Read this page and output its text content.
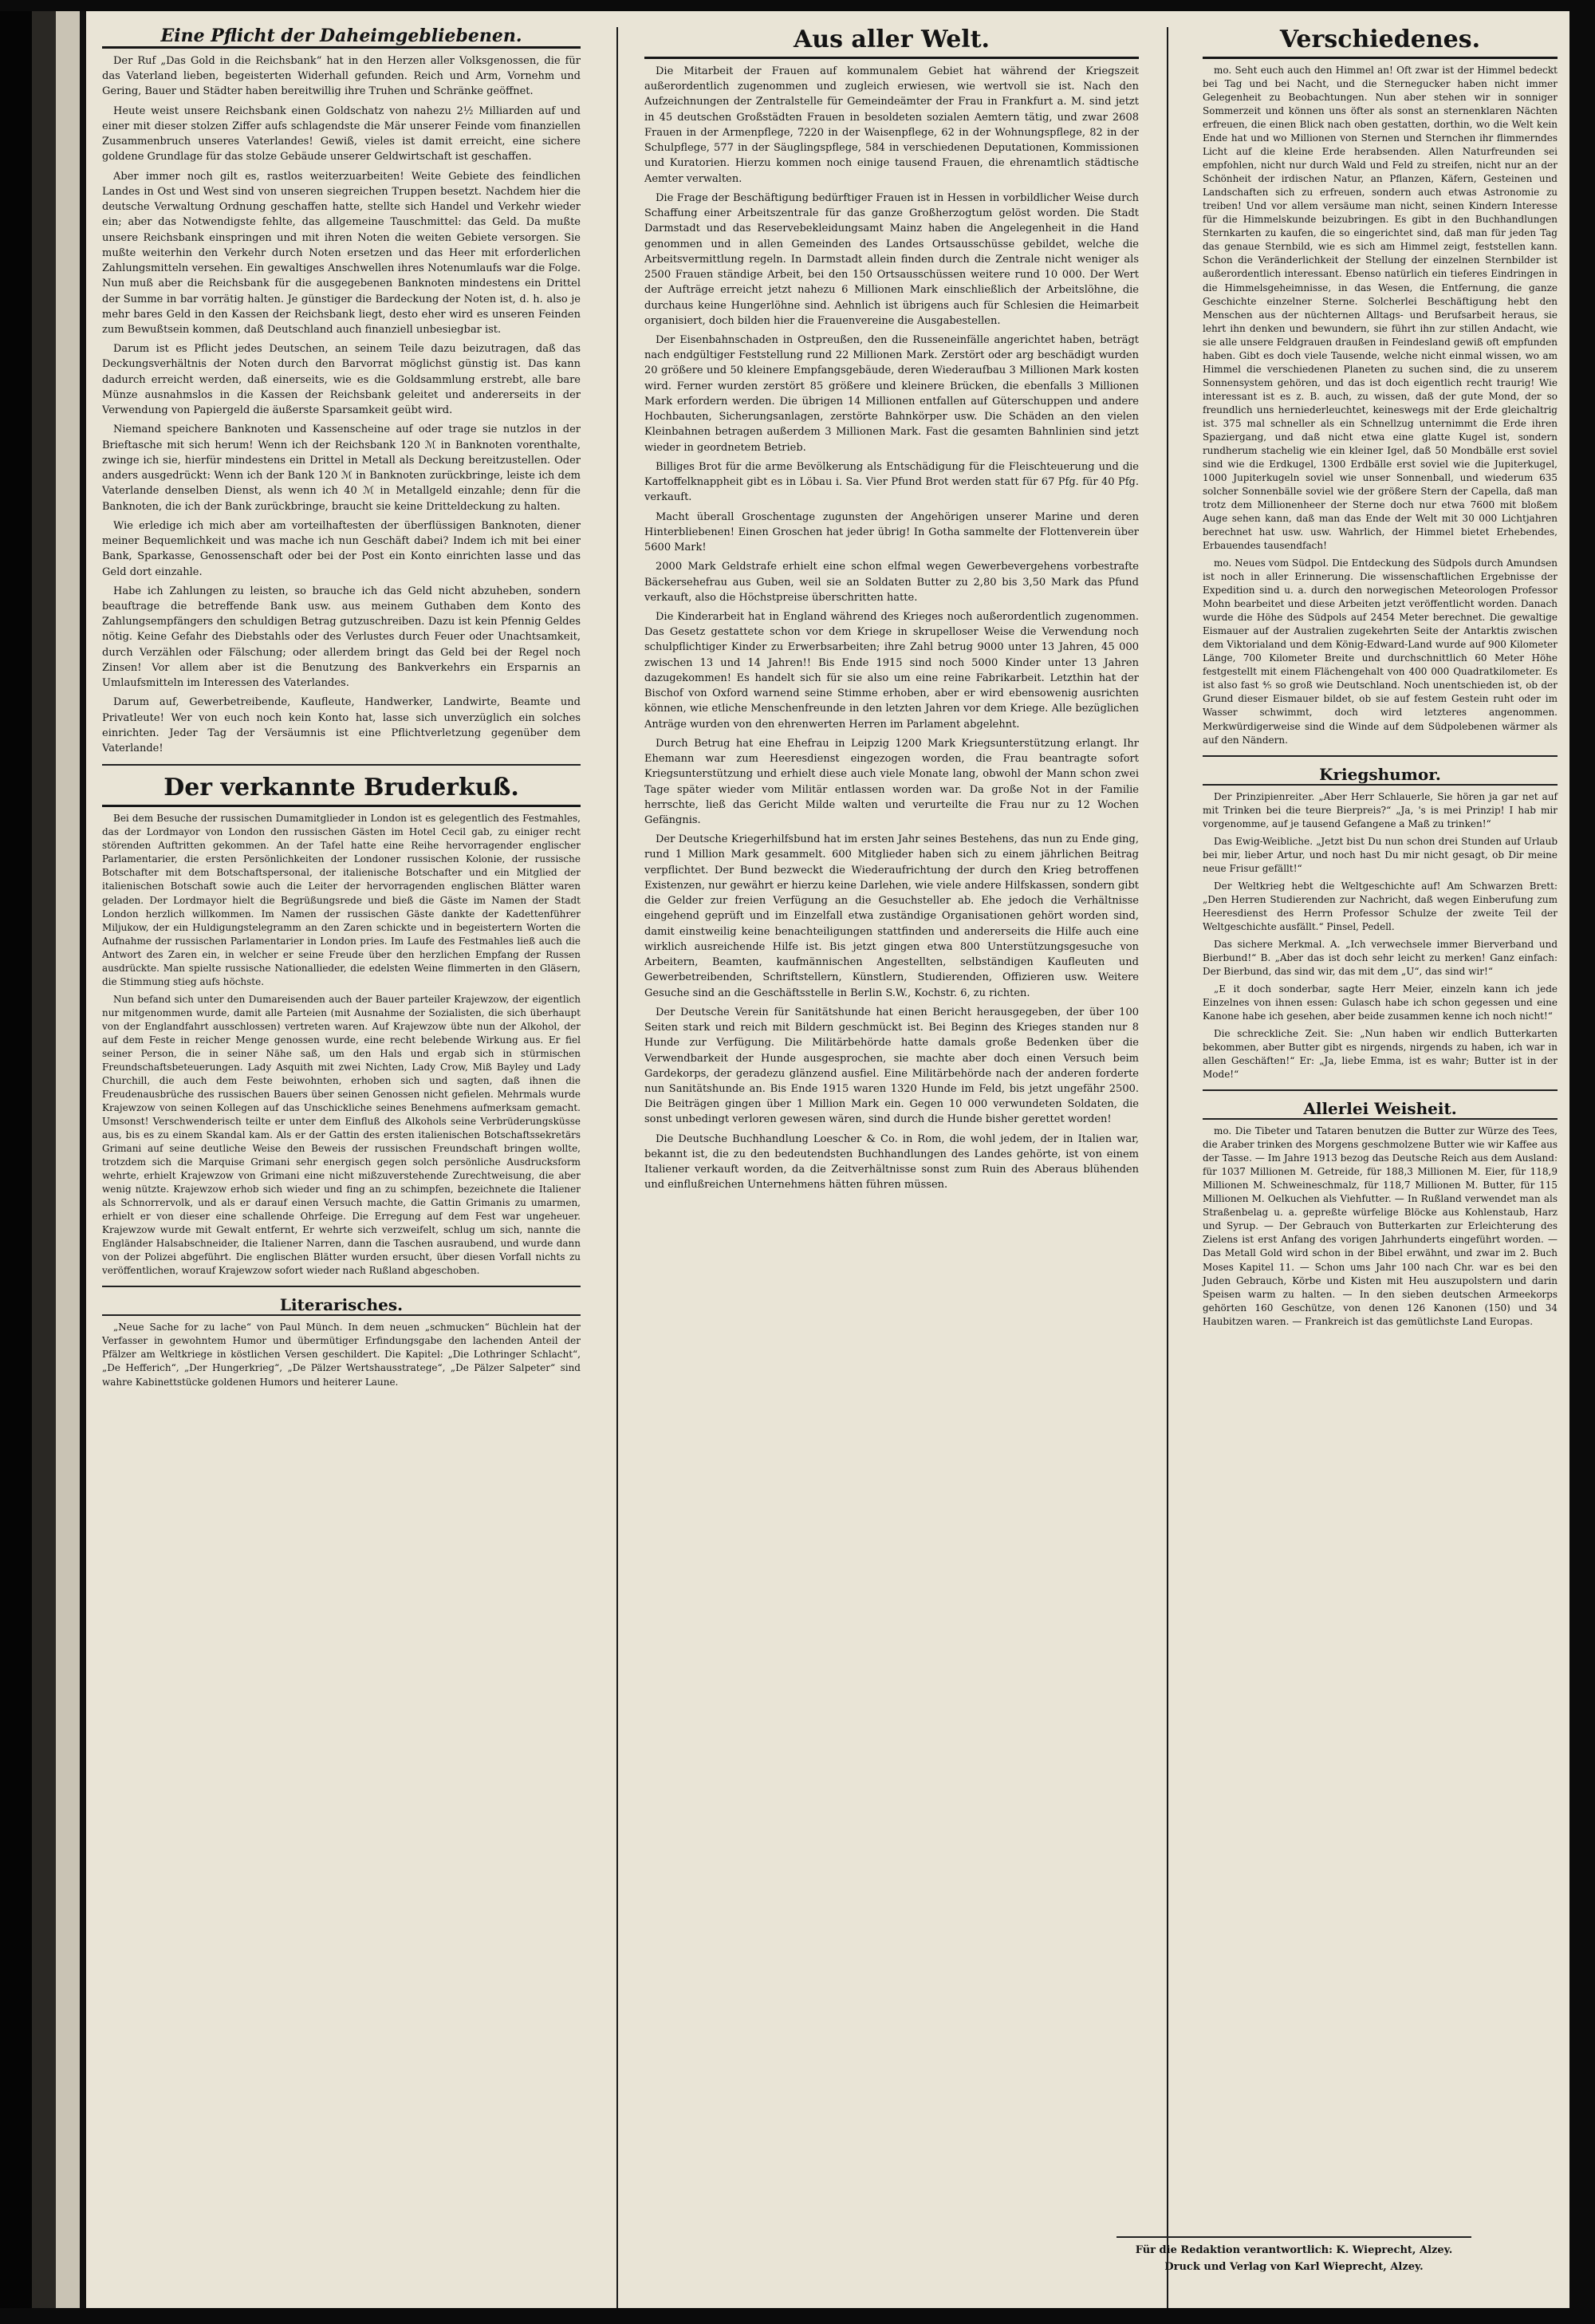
Eine Pflicht der Daheimgebliebenen.

Der Ruf „Das Gold in die Reichsbank“ hat in den Herzen aller Volksgenossen, die für das Vaterland lieben, begeisterten Widerhall gefunden. Reich und Arm, Vornehm und Gering, Bauer und Städter haben bereitwillig ihre Truhen und Schränke geöffnet.

Heute weist unsere Reichsbank einen Goldschatz von nahezu 2½ Milliarden auf und einer mit dieser stolzen Ziffer aufs schlagendste die Mär unserer Feinde vom finanziellen Zusammenbruch unseres Vaterlandes! Gewiß, vieles ist damit erreicht, eine sichere goldene Grundlage für das stolze Gebäude unserer Geldwirtschaft ist geschaffen.

Aber immer noch gilt es, rastlos weiterzuarbeiten! Weite Gebiete des feindlichen Landes in Ost und West sind von unseren siegreichen Truppen besetzt. Nachdem hier die deutsche Verwaltung Ordnung geschaffen hatte, stellte sich Handel und Verkehr wieder ein; aber das Notwendigste fehlte, das allgemeine Tauschmittel: das Geld. Da mußte unsere Reichsbank einspringen und mit ihren Noten die weiten Gebiete versorgen. Sie mußte weiterhin den Verkehr durch Noten ersetzen und das Heer mit erforderlichen Zahlungsmitteln versehen. Ein gewaltiges Anschwellen ihres Notenumlaufs war die Folge. Nun muß aber die Reichsbank für die ausgegebenen Banknoten mindestens ein Drittel der Summe in bar vorrätig halten. Je günstiger die Bardeckung der Noten ist, d. h. also je mehr bares Geld in den Kassen der Reichsbank liegt, desto eher wird es unseren Feinden zum Bewußtsein kommen, daß Deutschland auch finanziell unbesiegbar ist.

Darum ist es Pflicht jedes Deutschen, an seinem Teile dazu beizutragen, daß das Deckungsverhältnis der Noten durch den Barvorrat möglichst günstig ist. Das kann dadurch erreicht werden, daß einerseits, wie es die Goldsammlung erstrebt, alle bare Münze ausnahmslos in die Kassen der Reichsbank geleitet und andererseits in der Verwendung von Papiergeld die äußerste Sparsamkeit geübt wird.

Niemand speichere Banknoten und Kassenscheine auf oder trage sie nutzlos in der Brieftasche mit sich herum! Wenn ich der Reichsbank 120 ℳ in Banknoten vorenthalte, zwinge ich sie, hierfür mindestens ein Drittel in Metall als Deckung bereitzustellen. Oder anders ausgedrückt: Wenn ich der Bank 120 ℳ in Banknoten zurückbringe, leiste ich dem Vaterlande denselben Dienst, als wenn ich 40 ℳ in Metallgeld einzahle; denn für die Banknoten, die ich der Bank zurückbringe, braucht sie keine Dritteldeckung zu halten.

Wie erledige ich mich aber am vorteilhaftesten der überflüssigen Banknoten, diener meiner Bequemlichkeit und was mache ich nun Geschäft dabei? Indem ich mit bei einer Bank, Sparkasse, Genossenschaft oder bei der Post ein Konto einrichten lasse und das Geld dort einzahle.

Habe ich Zahlungen zu leisten, so brauche ich das Geld nicht abzuheben, sondern beauftrage die betreffende Bank usw. aus meinem Guthaben dem Konto des Zahlungsempfängers den schuldigen Betrag gutzuschreiben. Dazu ist kein Pfennig Geldes nötig. Keine Gefahr des Diebstahls oder des Verlustes durch Feuer oder Unachtsamkeit, durch Verzählen oder Fälschung; oder allerdem bringt das Geld bei der Regel noch Zinsen! Vor allem aber ist die Benutzung des Bankverkehrs ein Ersparnis an Umlaufsmitteln im Interessen des Vaterlandes.

Darum auf, Gewerbetreibende, Kaufleute, Handwerker, Landwirte, Beamte und Privatleute! Wer von euch noch kein Konto hat, lasse sich unverzüglich ein solches einrichten. Jeder Tag der Versäumnis ist eine Pflichtverletzung gegenüber dem Vaterlande!

Der verkannte Bruderkuß.

Bei dem Besuche der russischen Dumamitglieder in London ist es gelegentlich des Festmahles, das der Lordmayor von London den russischen Gästen im Hotel Cecil gab, zu einiger recht störenden Auftritten gekommen. An der Tafel hatte eine Reihe hervorragender englischer Parlamentarier, die ersten Persönlichkeiten der Londoner russischen Kolonie, der russische Botschafter mit dem Botschaftspersonal, der italienische Botschafter und ein Mitglied der italienischen Botschaft sowie auch die Leiter der hervorragenden englischen Blätter waren geladen. Der Lordmayor hielt die Begrüßungsrede und bieß die Gäste im Namen der Stadt London herzlich willkommen. Im Namen der russischen Gäste dankte der Kadettenführer Miljukow, der ein Huldigungstelegramm an den Zaren schickte und in begeistertern Worten die Aufnahme der russischen Parlamentarier in London pries. Im Laufe des Festmahles ließ auch die Antwort des Zaren ein, in welcher er seine Freude über den herzlichen Empfang der Russen ausdrückte. Man spielte russische Nationallieder, die edelsten Weine flimmerten in den Gläsern, die Stimmung stieg aufs höchste.

Nun befand sich unter den Dumareisenden auch der Bauer parteiler Krajewzow, der eigentlich nur mitgenommen wurde, damit alle Parteien (mit Ausnahme der Sozialisten, die sich überhaupt von der Englandfahrt ausschlossen) vertreten waren. Auf Krajewzow übte nun der Alkohol, der auf dem Feste in reicher Menge genossen wurde, eine recht belebende Wirkung aus. Er fiel seiner Person, die in seiner Nähe saß, um den Hals und ergab sich in stürmischen Freundschaftsbeteuerungen. Lady Asquith mit zwei Nichten, Lady Crow, Miß Bayley und Lady Churchill, die auch dem Feste beiwohnten, erhoben sich und sagten, daß ihnen die Freudenausbrüche des russischen Bauers über seinen Genossen nicht gefielen. Mehrmals wurde Krajewzow von seinen Kollegen auf das Unschickliche seines Benehmens aufmerksam gemacht. Umsonst! Verschwenderisch teilte er unter dem Einfluß des Alkohols seine Verbrüderungsküsse aus, bis es zu einem Skandal kam. Als er der Gattin des ersten italienischen Botschaftssekretärs Grimani auf seine deutliche Weise den Beweis der russischen Freundschaft bringen wollte, trotzdem sich die Marquise Grimani sehr energisch gegen solch persönliche Ausdrucksform wehrte, erhielt Krajewzow von Grimani eine nicht mißzuverstehende Zurechtweisung, die aber wenig nützte. Krajewzow erhob sich wieder und fing an zu schimpfen, bezeichnete die Italiener als Schnorrervolk, und als er darauf einen Versuch machte, die Gattin Grimanis zu umarmen, erhielt er von dieser eine schallende Ohrfeige. Die Erregung auf dem Fest war ungeheuer. Krajewzow wurde mit Gewalt entfernt, Er wehrte sich verzweifelt, schlug um sich, nannte die Engländer Halsabschneider, die Italiener Narren, dann die Taschen ausraubend, und wurde dann von der Polizei abgeführt. Die englischen Blätter wurden ersucht, über diesen Vorfall nichts zu veröffentlichen, worauf Krajewzow sofort wieder nach Rußland abgeschoben.

Literarisches.

„Neue Sache for zu lache“ von Paul Münch. In dem neuen „schmucken“ Büchlein hat der Verfasser in gewohntem Humor und übermütiger Erfindungsgabe den lachenden Anteil der Pfälzer am Weltkriege in köstlichen Versen geschildert. Die Kapitel: „Die Lothringer Schlacht“, „De Hefferich“, „Der Hungerkrieg“, „De Pälzer Wertshausstratege“, „De Pälzer Salpeter“ sind wahre Kabinettstücke goldenen Humors und heiterer Laune.

Aus aller Welt.

Die Mitarbeit der Frauen auf kommunalem Gebiet hat während der Kriegszeit außerordentlich zugenommen und zugleich erwiesen, wie wertvoll sie ist. Nach den Aufzeichnungen der Zentralstelle für Gemeindeämter der Frau in Frankfurt a. M. sind jetzt in 45 deutschen Großstädten Frauen in besoldeten sozialen Aemtern tätig, und zwar 2608 Frauen in der Armenpflege, 7220 in der Waisenpflege, 62 in der Wohnungspflege, 82 in der Schulpflege, 577 in der Säuglingspflege, 584 in verschiedenen Deputationen, Kommissionen und Kuratorien. Hierzu kommen noch einige tausend Frauen, die ehrenamtlich städtische Aemter verwalten.

Die Frage der Beschäftigung bedürftiger Frauen ist in Hessen in vorbildlicher Weise durch Schaffung einer Arbeitszentrale für das ganze Großherzogtum gelöst worden. Die Stadt Darmstadt und das Reservebekleidungsamt Mainz haben die Angelegenheit in die Hand genommen und in allen Gemeinden des Landes Ortsausschüsse gebildet, welche die Arbeitsvermittlung regeln. In Darmstadt allein finden durch die Zentrale nicht weniger als 2500 Frauen ständige Arbeit, bei den 150 Ortsausschüssen weitere rund 10 000. Der Wert der Aufträge erreicht jetzt nahezu 6 Millionen Mark einschließlich der Arbeitslöhne, die durchaus keine Hungerlöhne sind. Aehnlich ist übrigens auch für Schlesien die Heimarbeit organisiert, doch bilden hier die Frauenvereine die Ausgabestellen.

Der Eisenbahnschaden in Ostpreußen, den die Russeneinfälle angerichtet haben, beträgt nach endgültiger Feststellung rund 22 Millionen Mark. Zerstört oder arg beschädigt wurden 20 größere und 50 kleinere Empfangsgebäude, deren Wiederaufbau 3 Millionen Mark kosten wird. Ferner wurden zerstört 85 größere und kleinere Brücken, die ebenfalls 3 Millionen Mark erfordern werden. Die übrigen 14 Millionen entfallen auf Güterschuppen und andere Hochbauten, Sicherungsanlagen, zerstörte Bahnkörper usw. Die Schäden an den vielen Kleinbahnen betragen außerdem 3 Millionen Mark. Fast die gesamten Bahnlinien sind jetzt wieder in geordnetem Betrieb.

Billiges Brot für die arme Bevölkerung als Entschädigung für die Fleischteuerung und die Kartoffelknappheit gibt es in Löbau i. Sa. Vier Pfund Brot werden statt für 67 Pfg. für 40 Pfg. verkauft.

Macht überall Groschentage zugunsten der Angehörigen unserer Marine und deren Hinterbliebenen! Einen Groschen hat jeder übrig! In Gotha sammelte der Flottenverein über 5600 Mark!

2000 Mark Geldstrafe erhielt eine schon elfmal wegen Gewerbevergehens vorbestrafte Bäckersehefrau aus Guben, weil sie an Soldaten Butter zu 2,80 bis 3,50 Mark das Pfund verkauft, also die Höchstpreise überschritten hatte.

Die Kinderarbeit hat in England während des Krieges noch außerordentlich zugenommen. Das Gesetz gestattete schon vor dem Kriege in skrupelloser Weise die Verwendung noch schulpflichtiger Kinder zu Erwerbsarbeiten; ihre Zahl betrug 9000 unter 13 Jahren, 45 000 zwischen 13 und 14 Jahren!! Bis Ende 1915 sind noch 5000 Kinder unter 13 Jahren dazugekommen! Es handelt sich für sie also um eine reine Fabrikarbeit. Letzthin hat der Bischof von Oxford warnend seine Stimme erhoben, aber er wird ebensowenig ausrichten können, wie etliche Menschenfreunde in den letzten Jahren vor dem Kriege. Alle bezüglichen Anträge wurden von den ehrenwerten Herren im Parlament abgelehnt.

Durch Betrug hat eine Ehefrau in Leipzig 1200 Mark Kriegsunterstützung erlangt. Ihr Ehemann war zum Heeresdienst eingezogen worden, die Frau beantragte sofort Kriegsunterstützung und erhielt diese auch viele Monate lang, obwohl der Mann schon zwei Tage später wieder vom Militär entlassen worden war. Da große Not in der Familie herrschte, ließ das Gericht Milde walten und verurteilte die Frau nur zu 12 Wochen Gefängnis.

Der Deutsche Kriegerhilfsbund hat im ersten Jahr seines Bestehens, das nun zu Ende ging, rund 1 Million Mark gesammelt. 600 Mitglieder haben sich zu einem jährlichen Beitrag verpflichtet. Der Bund bezweckt die Wiederaufrichtung der durch den Krieg betroffenen Existenzen, nur gewährt er hierzu keine Darlehen, wie viele andere Hilfskassen, sondern gibt die Gelder zur freien Verfügung an die Gesuchsteller ab. Ehe jedoch die Verhältnisse eingehend geprüft und im Einzelfall etwa zuständige Organisationen gehört worden sind, damit einstweilig keine benachteiligungen stattfinden und andererseits die Hilfe auch eine wirklich ausreichende Hilfe ist. Bis jetzt gingen etwa 800 Unterstützungsgesuche von Arbeitern, Beamten, kaufmännischen Angestellten, selbständigen Kaufleuten und Gewerbetreibenden, Schriftstellern, Künstlern, Studierenden, Offizieren usw. Weitere Gesuche sind an die Geschäftsstelle in Berlin S.W., Kochstr. 6, zu richten.

Der Deutsche Verein für Sanitätshunde hat einen Bericht herausgegeben, der über 100 Seiten stark und reich mit Bildern geschmückt ist. Bei Beginn des Krieges standen nur 8 Hunde zur Verfügung. Die Militärbehörde hatte damals große Bedenken über die Verwendbarkeit der Hunde ausgesprochen, sie machte aber doch einen Versuch beim Gardekorps, der geradezu glänzend ausfiel. Eine Militärbehörde nach der anderen forderte nun Sanitätshunde an. Bis Ende 1915 waren 1320 Hunde im Feld, bis jetzt ungefähr 2500. Die Beiträgen gingen über 1 Million Mark ein. Gegen 10 000 verwundeten Soldaten, die sonst unbedingt verloren gewesen wären, sind durch die Hunde bisher gerettet worden!

Die Deutsche Buchhandlung Loescher & Co. in Rom, die wohl jedem, der in Italien war, bekannt ist, die zu den bedeutendsten Buchhandlungen des Landes gehörte, ist von einem Italiener verkauft worden, da die Zeitverhältnisse sonst zum Ruin des Aberaus blühenden und einflußreichen Unternehmens hätten führen müssen.

Verschiedenes.

mo. Seht euch auch den Himmel an! Oft zwar ist der Himmel bedeckt bei Tag und bei Nacht, und die Sternegucker haben nicht immer Gelegenheit zu Beobachtungen. Nun aber stehen wir in sonniger Sommerzeit und können uns öfter als sonst an sternenklaren Nächten erfreuen, die einen Blick nach oben gestatten, dorthin, wo die Welt kein Ende hat und wo Millionen von Sternen und Sternchen ihr flimmerndes Licht auf die kleine Erde herabsenden. Allen Naturfreunden sei empfohlen, nicht nur durch Wald und Feld zu streifen, nicht nur an der Schönheit der irdischen Natur, an Pflanzen, Käfern, Gesteinen und Landschaften sich zu erfreuen, sondern auch etwas Astronomie zu treiben! Und vor allem versäume man nicht, seinen Kindern Interesse für die Himmelskunde beizubringen. Es gibt in den Buchhandlungen Sternkarten zu kaufen, die so eingerichtet sind, daß man für jeden Tag das genaue Sternbild, wie es sich am Himmel zeigt, feststellen kann. Schon die Veränderlichkeit der Stellung der einzelnen Sternbilder ist außerordentlich interessant. Ebenso natürlich ein tieferes Eindringen in die Himmelsgeheimnisse, in das Wesen, die Entfernung, die ganze Geschichte einzelner Sterne. Solcherlei Beschäftigung hebt den Menschen aus der nüchternen Alltags- und Berufsarbeit heraus, sie lehrt ihn denken und bewundern, sie führt ihn zur stillen Andacht, wie sie alle unsere Feldgrauen draußen in Feindesland gewiß oft empfunden haben. Gibt es doch viele Tausende, welche nicht einmal wissen, wo am Himmel die verschiedenen Planeten zu suchen sind, die zu unserem Sonnensystem gehören, und das ist doch eigentlich recht traurig! Wie interessant ist es z. B. auch, zu wissen, daß der gute Mond, der so freundlich uns herniederleuchtet, keineswegs mit der Erde gleichaltrig ist. 375 mal schneller als ein Schnellzug unternimmt die Erde ihren Spaziergang, und daß nicht etwa eine glatte Kugel ist, sondern rundherum stachelig wie ein kleiner Igel, daß 50 Mondbälle erst soviel sind wie die Erdkugel, 1300 Erdbälle erst soviel wie die Jupiterkugel, 1000 Jupiterkugeln soviel wie unser Sonnenball, und wiederum 635 solcher Sonnenbälle soviel wie der größere Stern der Capella, daß man trotz dem Millionenheer der Sterne doch nur etwa 7600 mit bloßem Auge sehen kann, daß man das Ende der Welt mit 30 000 Lichtjahren berechnet hat usw. usw. Wahrlich, der Himmel bietet Erhebendes, Erbauendes tausendfach!

mo. Neues vom Südpol. Die Entdeckung des Südpols durch Amundsen ist noch in aller Erinnerung. Die wissenschaftlichen Ergebnisse der Expedition sind u. a. durch den norwegischen Meteorologen Professor Mohn bearbeitet und diese Arbeiten jetzt veröffentlicht worden. Danach wurde die Höhe des Südpols auf 2454 Meter berechnet. Die gewaltige Eismauer auf der Australien zugekehrten Seite der Antarktis zwischen dem Viktorialand und dem König-Edward-Land wurde auf 900 Kilometer Länge, 700 Kilometer Breite und durchschnittlich 60 Meter Höhe festgestellt mit einem Flächengehalt von 400 000 Quadratkilometer. Es ist also fast ⅘ so groß wie Deutschland. Noch unentschieden ist, ob der Grund dieser Eismauer bildet, ob sie auf festem Gestein ruht oder im Wasser schwimmt, doch wird letzteres angenommen. Merkwürdigerweise sind die Winde auf dem Südpolebenen wärmer als auf den Nändern.

Kriegshumor.

Der Prinzipienreiter. „Aber Herr Schlauerle, Sie hören ja gar net auf mit Trinken bei die teure Bierpreis?“ „Ja, 's is mei Prinzip! I hab mir vorgenomme, auf je tausend Gefangene a Maß zu trinken!“

Das Ewig-Weibliche. „Jetzt bist Du nun schon drei Stunden auf Urlaub bei mir, lieber Artur, und noch hast Du mir nicht gesagt, ob Dir meine neue Frisur gefällt!“

Der Weltkrieg hebt die Weltgeschichte auf! Am Schwarzen Brett: „Den Herren Studierenden zur Nachricht, daß wegen Einberufung zum Heeresdienst des Herrn Professor Schulze der zweite Teil der Weltgeschichte ausfällt.“ Pinsel, Pedell.

Das sichere Merkmal. A. „Ich verwechsele immer Bierverband und Bierbund!“ B. „Aber das ist doch sehr leicht zu merken! Ganz einfach: Der Bierbund, das sind wir, das mit dem „U“, das sind wir!“

„E it doch sonderbar, sagte Herr Meier, einzeln kann ich jede Einzelnes von ihnen essen: Gulasch habe ich schon gegessen und eine Kanone habe ich gesehen, aber beide zusammen kenne ich noch nicht!“

Die schreckliche Zeit. Sie: „Nun haben wir endlich Butterkarten bekommen, aber Butter gibt es nirgends, nirgends zu haben, ich war in allen Geschäften!“ Er: „Ja, liebe Emma, ist es wahr; Butter ist in der Mode!“

Allerlei Weisheit.

mo. Die Tibeter und Tataren benutzen die Butter zur Würze des Tees, die Araber trinken des Morgens geschmolzene Butter wie wir Kaffee aus der Tasse. — Im Jahre 1913 bezog das Deutsche Reich aus dem Ausland: für 1037 Millionen M. Getreide, für 188,3 Millionen M. Eier, für 118,9 Millionen M. Schweineschmalz, für 118,7 Millionen M. Butter, für 115 Millionen M. Oelkuchen als Viehfutter. — In Rußland verwendet man als Straßenbelag u. a. gepreßte würfelige Blöcke aus Kohlenstaub, Harz und Syrup. — Der Gebrauch von Butterkarten zur Erleichterung des Zielens ist erst Anfang des vorigen Jahrhunderts eingeführt worden. — Das Metall Gold wird schon in der Bibel erwähnt, und zwar im 2. Buch Moses Kapitel 11. — Schon ums Jahr 100 nach Chr. war es bei den Juden Gebrauch, Körbe und Kisten mit Heu auszupolstern und darin Speisen warm zu halten. — In den sieben deutschen Armeekorps gehörten 160 Geschütze, von denen 126 Kanonen (150) und 34 Haubitzen waren. — Frankreich ist das gemütlichste Land Europas.

Für die Redaktion verantwortlich: K. Wieprecht, Alzey.
Druck und Verlag von Karl Wieprecht, Alzey.
